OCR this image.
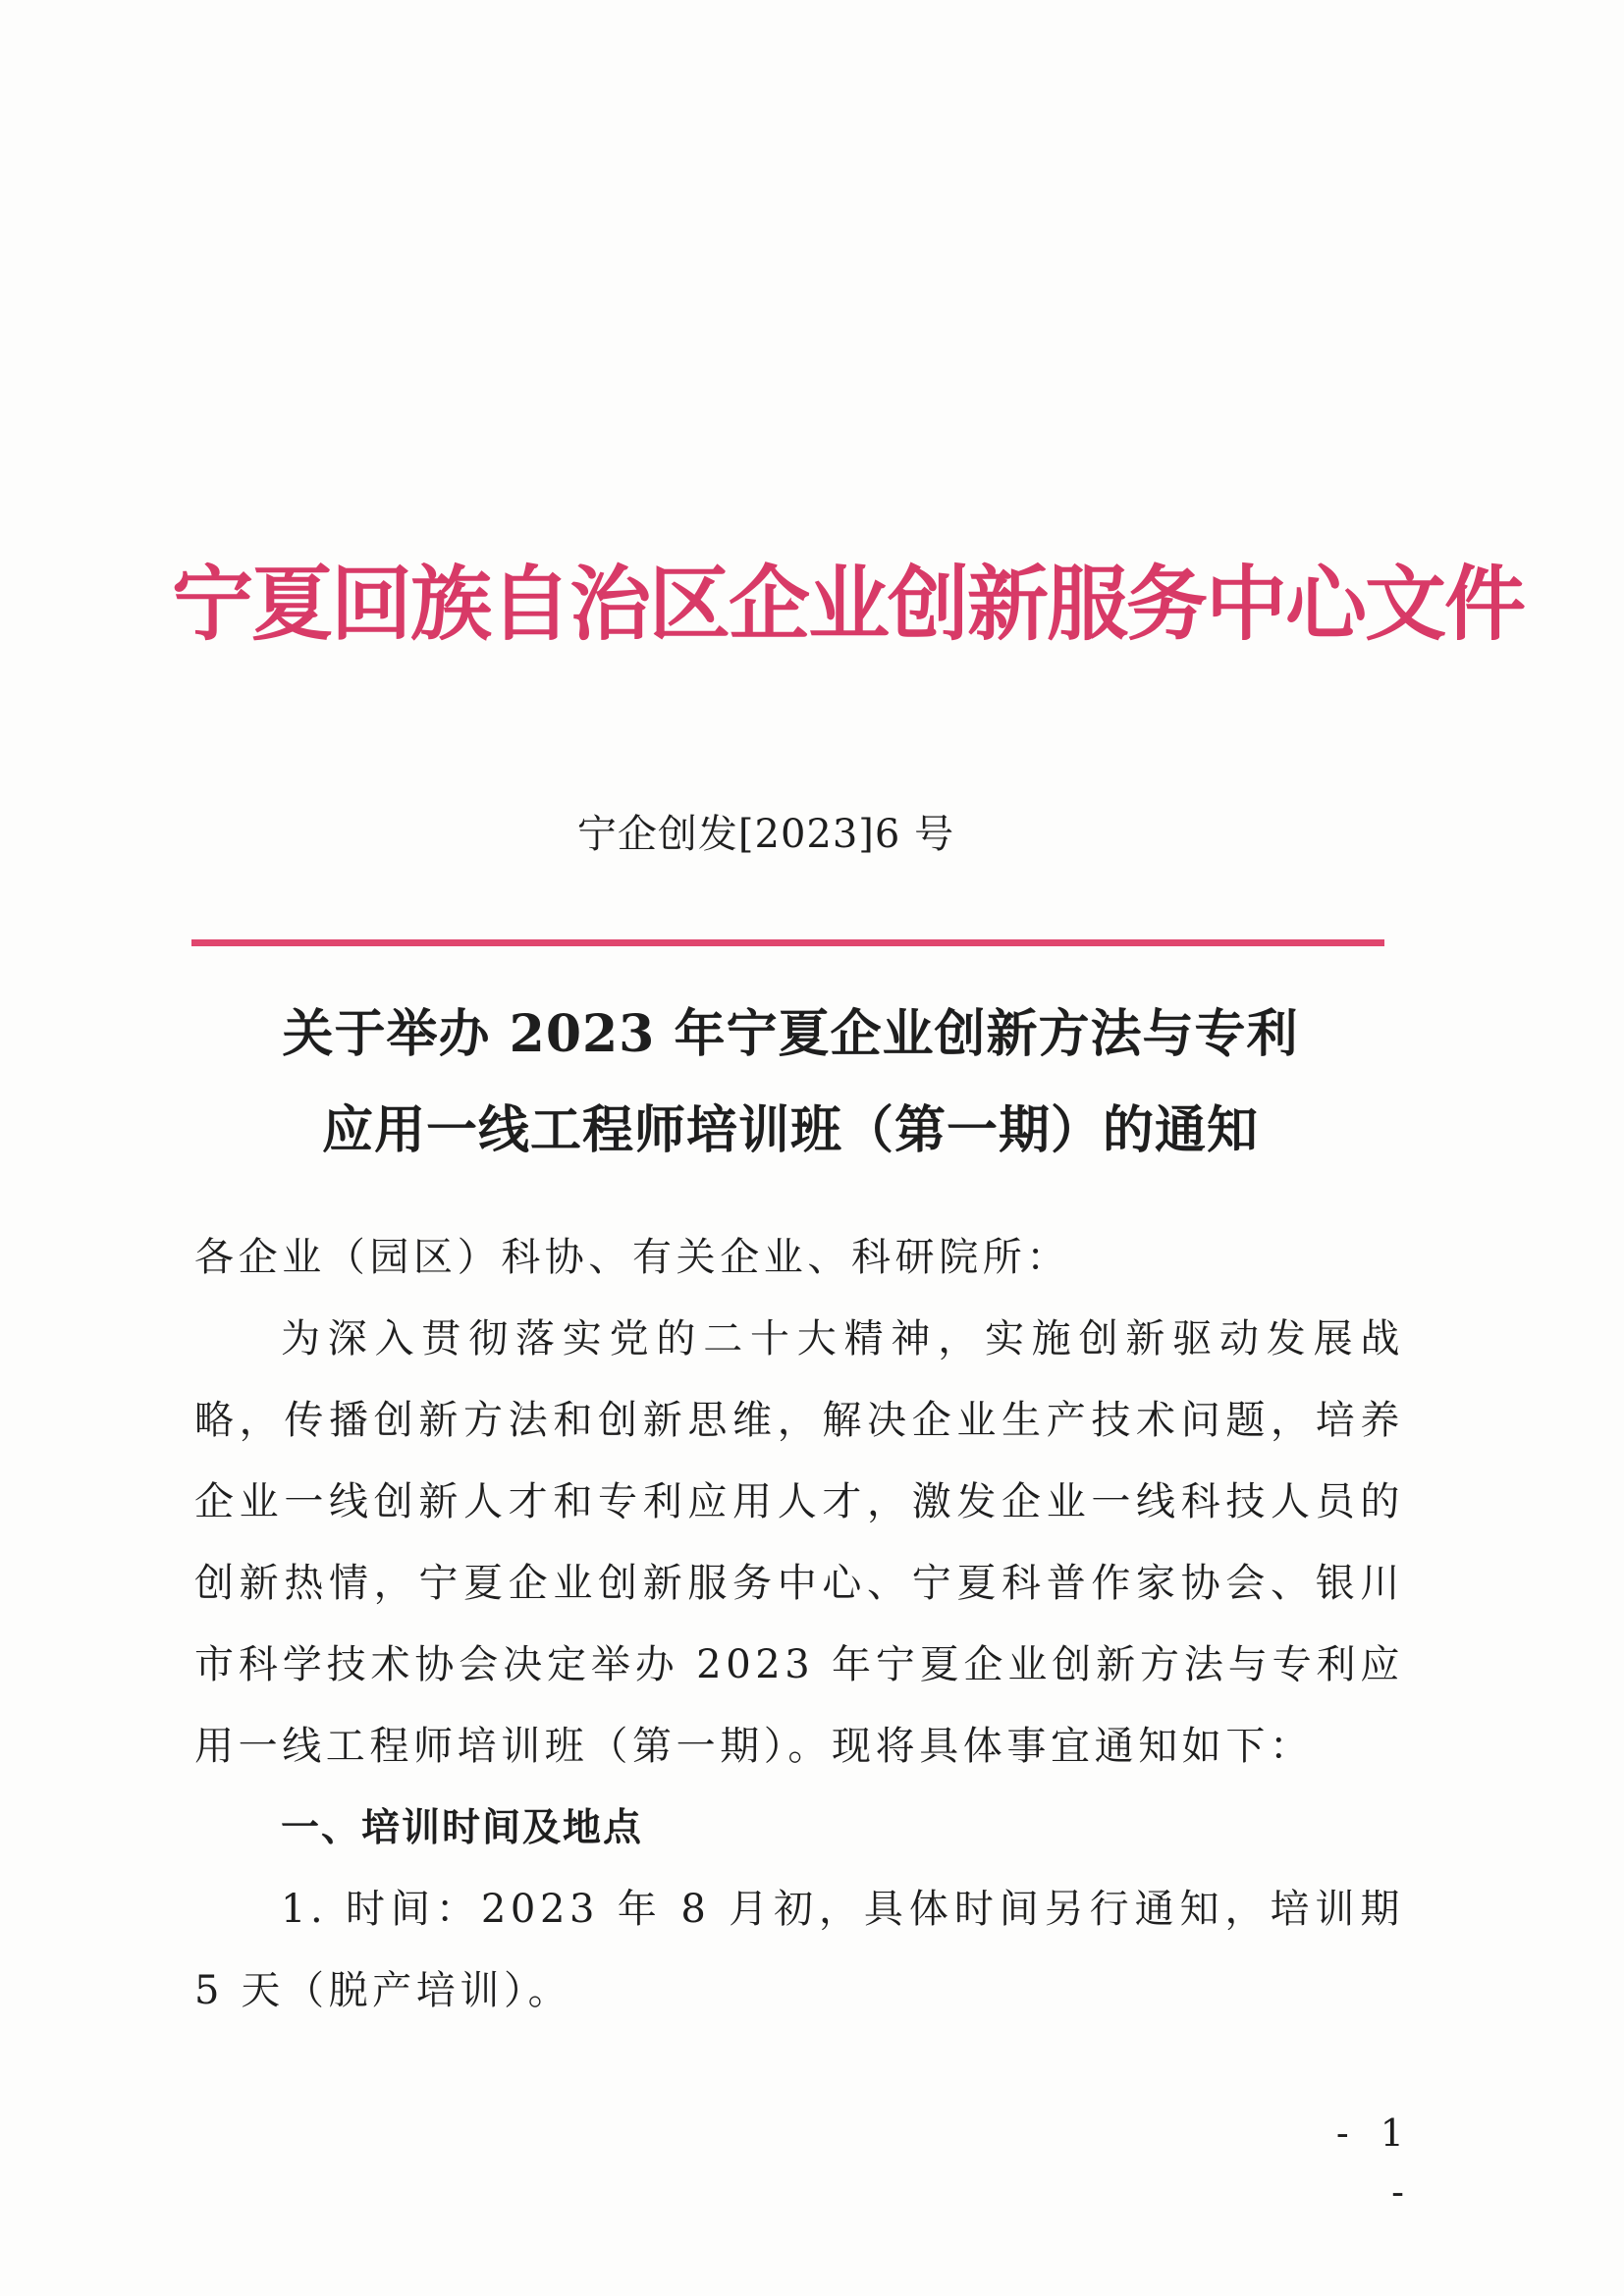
宁夏回族自治区企业创新服务中心文件
宁企创发[2023]6 号
关于举办 2023 年宁夏企业创新方法与专利
应用一线工程师培训班（第一期）的通知

各企业（园区）科协、有关企业、科研院所：

为深入贯彻落实党的二十大精神，实施创新驱动发展战略，传播创新方法和创新思维，解决企业生产技术问题，培养企业一线创新人才和专利应用人才，激发企业一线科技人员的创新热情，宁夏企业创新服务中心、宁夏科普作家协会、银川市科学技术协会决定举办 2023 年宁夏企业创新方法与专利应用一线工程师培训班（第一期）。现将具体事宜通知如下：

一、培训时间及地点

1. 时间：2023 年 8 月初，具体时间另行通知，培训期 5 天（脱产培训）。

- 1 -
